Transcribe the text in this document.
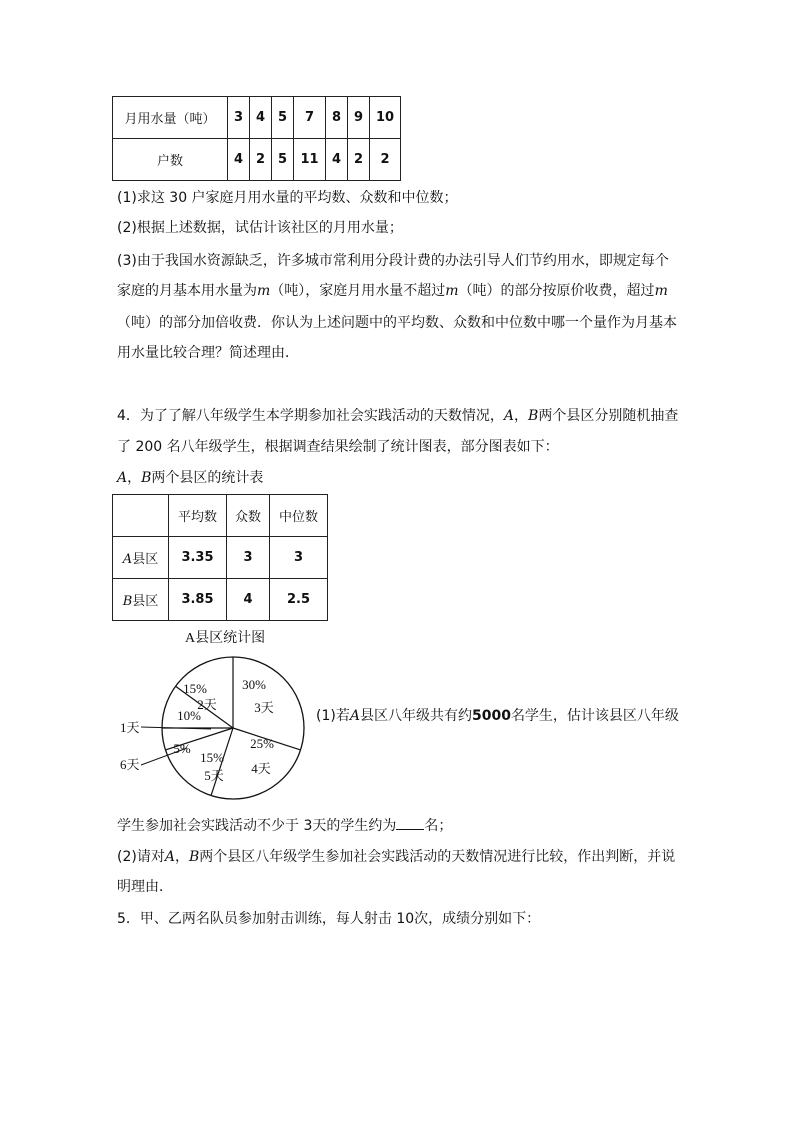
月用水量（吨）	3	4	5	7	8	9	10
户数	4	2	5	11	4	2	2
(1)求这 30 户家庭月用水量的平均数、众数和中位数；
(2)根据上述数据，试估计该社区的月用水量；
(3)由于我国水资源缺乏，许多城市常利用分段计费的办法引导人们节约用水，即规定每个
家庭的月基本用水量为m（吨），家庭月用水量不超过m（吨）的部分按原价收费，超过m
（吨）的部分加倍收费．你认为上述问题中的平均数、众数和中位数中哪一个量作为月基本
用水量比较合理？简述理由．
4．为了了解八年级学生本学期参加社会实践活动的天数情况，A，B两个县区分别随机抽查
了 200 名八年级学生，根据调查结果绘制了统计图表，部分图表如下：
A，B两个县区的统计表
	平均数	众数	中位数
A县区	3.35	3	3
B县区	3.85	4	2.5
A县区统计图
30%
3天
25%
4天
15%
5天
5%
10%
15%
2天
1天
6天
(1)若A县区八年级共有约5000名学生，估计该县区八年级
学生参加社会实践活动不少于 3天的学生约为 名；
(2)请对A，B两个县区八年级学生参加社会实践活动的天数情况进行比较，作出判断，并说
明理由．
5．甲、乙两名队员参加射击训练，每人射击 10次，成绩分别如下：
